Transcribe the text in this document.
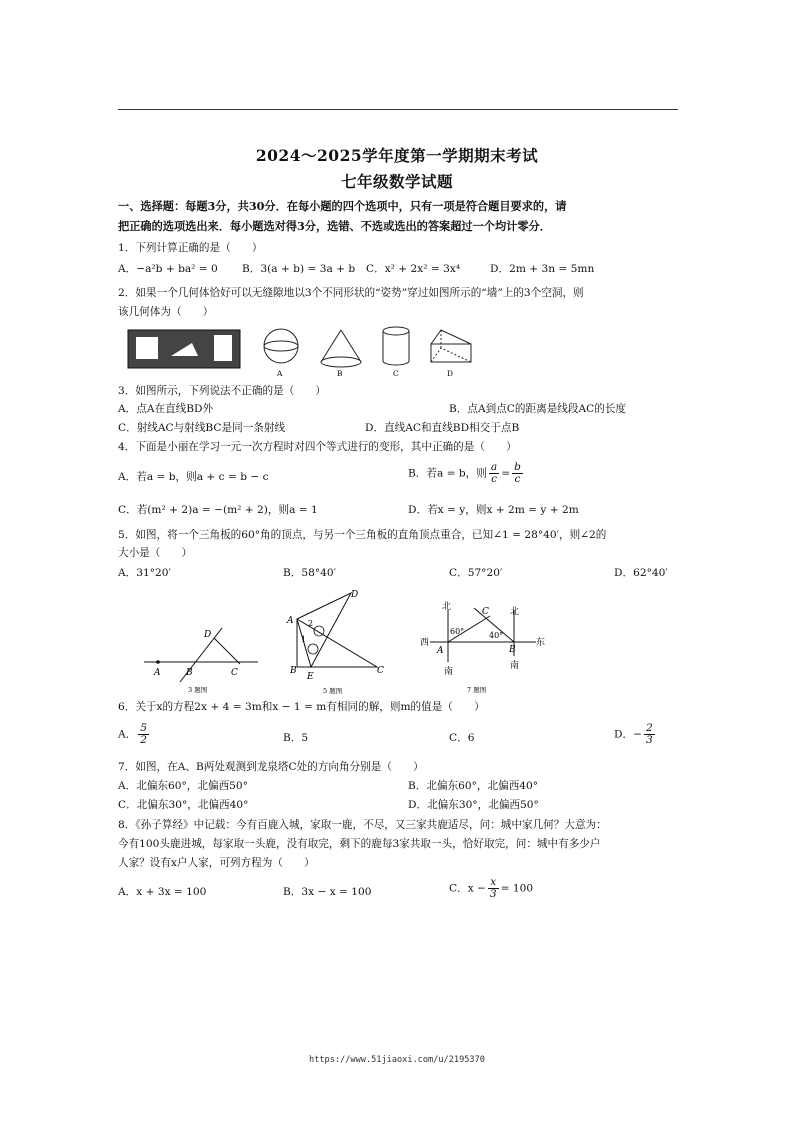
2024～2025学年度第一学期期末考试
七年级数学试题
一、选择题：每题3分，共30分．在每小题的四个选项中，只有一项是符合题目要求的，请
把正确的选项选出来．每小题选对得3分，选错、不选或选出的答案超过一个均计零分．
1．下列计算正确的是（　　）
A．−a²b + ba² = 0 B．3(a + b) = 3a + b C．x² + 2x² = 3x⁴	D．2m + 3n = 5mn
2．如果一个几何体恰好可以无缝隙地以3个不同形状的“姿势”穿过如图所示的“墙”上的3个空洞，则
该几何体为（　　）
A	B	C	D
3．如图所示，下列说法不正确的是（　　）
A．点A在直线BD外	B．点A到点C的距离是线段AC的长度
C．射线AC与射线BC是同一条射线	D．直线AC和直线BD相交于点B
4．下面是小丽在学习一元一次方程时对四个等式进行的变形，其中正确的是（　　）
A．若a = b，则a + c = b − c	B．若a = b，则 $\frac{a}{c} = \frac{b}{c}$
C．若(m² + 2)a = −(m² + 2)，则a = 1	D．若x = y，则x + 2m = y + 2m
5．如图，将一个三角板的60°角的顶点，与另一个三角板的直角顶点重合，已知∠1 = 28°40′，则∠2的
大小是（　　）
A．31°20′	B．58°40′	C．57°20′	D．62°40′
A	B	C
D
3 题图
A
B	C
D
E
1
2
5 题图
北	北
西	东
南
南
A	B
C
60°	40°
7 题图
6．关于x的方程2x + 4 = 3m和x − 1 = m有相同的解，则m的值是（　　）
A． $\frac{5}{2}$	B．5	C．6	D．− $\frac{2}{3}$
7．如图，在A、B两处观测到龙泉塔C处的方向角分别是（　　）
A．北偏东60°，北偏西50°	B．北偏东60°，北偏西40°
C．北偏东30°，北偏西40°	D．北偏东30°，北偏西50°
8．《孙子算经》中记载：今有百鹿入城，家取一鹿，不尽，又三家共鹿适尽，问：城中家几何？大意为：
今有100头鹿进城，每家取一头鹿，没有取完，剩下的鹿每3家共取一头，恰好取完，问：城中有多少户
人家？设有x户人家，可列方程为（　　）
A．x + 3x = 100	B．3x − x = 100	C．$x - \frac{x}{3} = 100$
https://www.51jiaoxi.com/u/2195370
